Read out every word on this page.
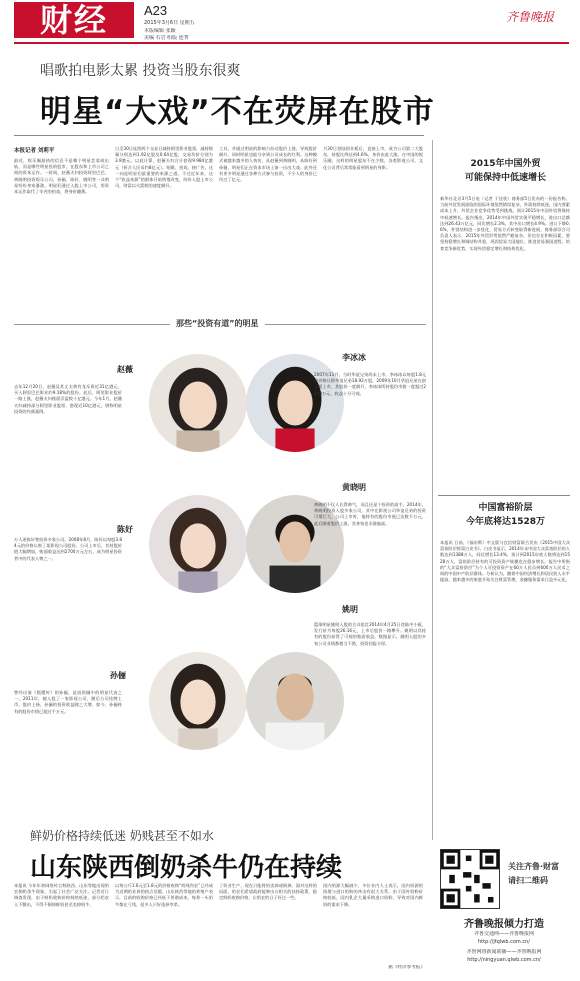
财经	A23
2015年3月6日 星期五
本版编辑 张颖
美编 石岩 组版 连菁
齐鲁晚报
唱歌拍电影太累 投资当股东很爽
明星“大戏”不在荧屏在股市
本报记者 刘莉平
最近，娱乐圈最热的信息不是哪个明星恋爱或出轨，而是哪些明星投资股市，在股东和上市公司之间的资本运作。一时间，赵薇夫妇投资阿里巴巴，黄晓明投资娱乐公司，孙俪、陈好、姚明等一众明星纷纷身家暴涨。明星们通过入股上市公司，用资本运作取代了辛苦的拍戏，将身价翻番。
日至30日连续两个交易日减持阿里影业股票，减持数量分别达到1.92亿股及0.64亿股，交易均价分别为3.9港元。以此计算，赵薇夫妇合计套现9.984亿港元（折合人民币约8亿元）。唱歌、拍戏、接广告，这一向是明星们最重要的来源之道。不过近年来，这个“收益来源”的群体开始悄悄改变，纷纷入股上市公司，财富以火箭般的速度飙升。
工具，并通过明星的影响力拉动股价上涨，导致股价飙升，同时明星也能分享到公司成长的红利。这种模式被越来越多的人效仿，从赵薇到黄晓明，从陈好到孙俪，明星们正在资本市场上演一出出大戏。此外还有更多明星通过各种方式参与投资，不少人的身价已经过了亿元。
月30日登陆创业板后，直接上市，成为公司第二大股东，持股比例达到4.6%，身价由此大涨。在中国的娱乐圈，这样的明星股东不在少数，各类影视公司、文化公司背后常常能看到明星的身影。	2015年中国外贸
可能保持中低速增长
新华社北京3月5日电（记者 于佳欣）商务部5日发布的一份报告称，当前外贸发展面临的国际环境依然错综复杂，外需持续低迷，国内要素成本上升，外贸企业竞争优势受到挑战。预计2015年中国外贸将保持中低速增长。报告指出，2014年中国外贸实现平稳增长，进出口总额达到26.43万亿元，同比增长2.3%，其中出口增长4.9%，进口下降0.6%，外贸结构进一步优化，贸易方式转变取得新进展。商务部综合司负责人表示，2015年外贸形势依然严峻复杂，但也存在积极因素，要坚持稳增长和调结构并重，巩固贸易大国地位，推进贸易强国进程，培育竞争新优势，实现外贸稳定增长和结构优化。
中国富裕阶层
今年底将达1528万
本报讯 日前，《福布斯》中文版与宜信财富联合发布《2015中国大众富裕阶层财富白皮书》。白皮书显示，2014年末中国大众富裕阶层的人数达到1388万人，同比增长13.4%，预计到2015年底人数将达到1528万人，富裕阶层持有的可投资资产规模也在稳步增长。报告中所指的“大众富裕阶层”为个人可投资资产在60万人民币到600万人民币之间的中国中产阶层群体。分析认为，随着中国经济增长和居民收入水平提高，越来越多的家庭开始关注财富管理，金融服务需求日益多元化。
那些“投资有道”的明星
赵薇
去年12月20日，赵薇及其丈夫黄有龙斥资近31亿港元，买入阿里巴巴影业约9.18%的股份。此后，阿里影业股价一路上涨，赵薇夫妇账面浮盈数十亿港元。今年1月，赵薇夫妇减持部分阿里影业股票，套现近10亿港元，堪称明星投资的经典案例。
李冰冰
2007年11月，当时华谊兄弟尚未上市，李冰冰以每股1.8元的价格认购华谊兄弟18.92万股。2009年10月华谊兄弟在创业板上市，其股价一度飙升，李冰冰所持股份市值一度超过2000万元，收益十分可观。
陈好
万人迷陈好曾投资多家公司。2008年8月，陈好以每股3.84元的价格认购了某影视公司股份。公司上市后，其持股价值大幅增加，账面收益达到2700万元左右，成为明星投资者中的代表人物之一。
黄晓明
黄晓明不仅人长得帅气，而且还是个投资的高手。2014年，黄晓明投资入股多家公司，其中在影视公司华谊兄弟的投资可谓巨大，公司上市时，他持有的股份市值已达数千万元，此后随着股价上涨，其身家也水涨船高。
孙俪
曾经出演《甄嬛传》的孙俪，是投资圈中的明星代表之一。2011年，她入股了一家影视公司，随后公司挂牌上市，股价上扬，孙俪的投资收益随之大增。如今，孙俪持有的股份市值已超过千万元。
姚明
篮球明星姚明入股的合众思壮2014年4月25日登陆中小板，发行价为每股26.16元，上市后股价一路攀升。姚明以其持有的股份获得了可观的账面收益。数据显示，姚明入股的多家公司业绩都相当不错，投资回报丰厚。
鲜奶价格持续低迷 奶贱甚至不如水
山东陕西倒奶杀牛仍在持续
本报讯 今年年初网络传言称陕西、山东等地出现奶农倒奶杀牛现象，引起了社会广泛关注。记者近日调查发现，由于鲜奶收购价格持续低迷，部分奶农入不敷出，不得不倒掉鲜奶甚至卖掉奶牛。
以每公斤1.6元至1.8元的价格收购“奶贱伤农”已经成为近期奶业界的热点话题。山东陕西等地的养殖户表示，目前的收购价格已经低于养殖成本，每养一头奶牛都在亏钱，很多人只好选择宰杀。
了奶业生产，现在只能将奶卖掉或倒掉。面对这样的局面，奶农们希望政府能够出台相关的扶持政策，稳定鲜奶收购价格，让奶农的日子好过一些。
国内奶源大幅减少，多位业内人士表示，国内奶源的困境与进口奶粉的冲击有很大关系。由于国外奶粉价格较低，国内乳企大量采购进口奶粉，导致对国内鲜奶的需求下降。
据《经济参考报》
关注齐鲁·财富
请扫二维码
齐鲁晚报倾力打造
齐鲁交通网——齐鲁晚报网
http://jtqlwb.com.cn/
齐鲁网络新闻联播——齐鲁晚报网
http://ningyuan.qlwb.com.cn/
